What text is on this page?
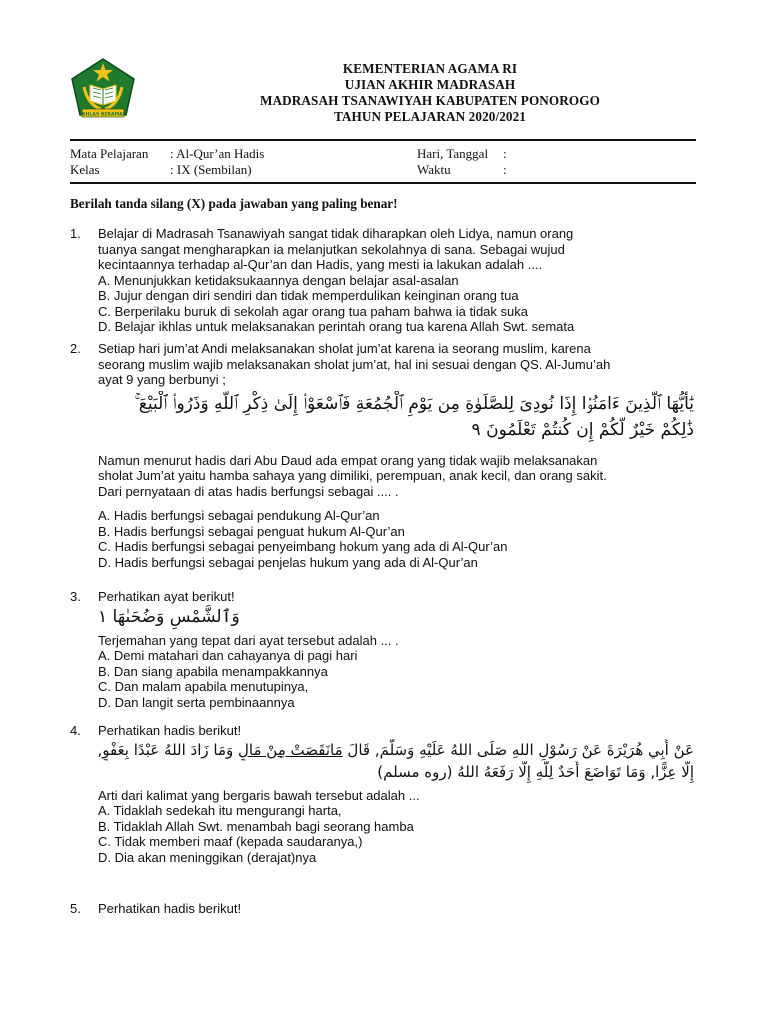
IKHLAS BERAMAL
KEMENTERIAN AGAMA RI
UJIAN AKHIR MADRASAH
MADRASAH TSANAWIYAH KABUPATEN PONOROGO
TAHUN PELAJARAN 2020/2021
Mata Pelajaran : Al-Qur’an Hadis
Kelas	: IX (Sembilan)
Hari, Tanggal :
Waktu	:
Berilah tanda silang (X) pada jawaban yang paling benar!
1. Belajar di Madrasah Tsanawiyah sangat tidak diharapkan oleh Lidya, namun orang
tuanya sangat mengharapkan ia melanjutkan sekolahnya di sana. Sebagai wujud
kecintaannya terhadap al-Qur’an dan Hadis, yang mesti ia lakukan adalah ....
A. Menunjukkan ketidaksukaannya dengan belajar asal-asalan
B. Jujur dengan diri sendiri dan tidak memperdulikan keinginan orang tua
C. Berperilaku buruk di sekolah agar orang tua paham bahwa ia tidak suka
D. Belajar ikhlas untuk melaksanakan perintah orang tua karena Allah Swt. semata
2. Setiap hari jum’at Andi melaksanakan sholat jum’at karena ia seorang muslim, karena
seorang muslim wajib melaksanakan sholat jum’at, hal ini sesuai dengan QS. Al-Jumu’ah
ayat 9 yang berbunyi ;
يَٰأَيُّهَا ٱلَّذِينَ ءَامَنُوٰ۟ا إِذَا نُودِىَ لِلصَّلَوٰةِ مِن يَوْمِ ٱلْجُمُعَةِ فَٱسْعَوْا۟ إِلَىٰ ذِكْرِ ٱللَّهِ وَذَرُوا۟ ٱلْبَيْعَ ۚ
ذَٰلِكُمْ خَيْرٌ لَّكُمْ إِن كُنتُمْ تَعْلَمُونَ ٩
Namun menurut hadis dari Abu Daud ada empat orang yang tidak wajib melaksanakan
sholat Jum’at yaitu hamba sahaya yang dimiliki, perempuan, anak kecil, dan orang sakit.
Dari pernyataan di atas hadis berfungsi sebagai .... .
A. Hadis berfungsi sebagai pendukung Al-Qur’an
B. Hadis berfungsi sebagai penguat hukum Al-Qur’an
C. Hadis berfungsi sebagai penyeimbang hokum yang ada di Al-Qur’an
D. Hadis berfungsi sebagai penjelas hukum yang ada di Al-Qur’an
3. Perhatikan ayat berikut!
وَٱلشَّمْسِ وَضُحَىٰهَا ١
Terjemahan yang tepat dari ayat tersebut adalah ... .
A. Demi matahari dan cahayanya di pagi hari
B. Dan siang apabila menampakkannya
C. Dan malam apabila menutupinya,
D. Dan langit serta pembinaannya
4. Perhatikan hadis berikut!
عَنْ أَبِي هُرَيْرَةَ عَنْ رَسُوْلِ اللهِ صَلَى اللهُ عَلَيْهِ وَسَلَّمَ, قَالَ مَانَقَصَتْ مِنْ مَالٍ وَمَا زَادَ اللهُ عَبْدًا بِعَفْوٍ,
إِلَّا عِزًّا, وَمَا تَوَاضَعَ أَحَدٌ لِلّهِ إِلَّا رَفَعَهُ اللهُ (روه مسلم)
Arti dari kalimat yang bergaris bawah tersebut adalah ...
A. Tidaklah sedekah itu mengurangi harta,
B. Tidaklah Allah Swt. menambah bagi seorang hamba
C. Tidak memberi maaf (kepada saudaranya,)
D. Dia akan meninggikan (derajat)nya
5. Perhatikan hadis berikut!
